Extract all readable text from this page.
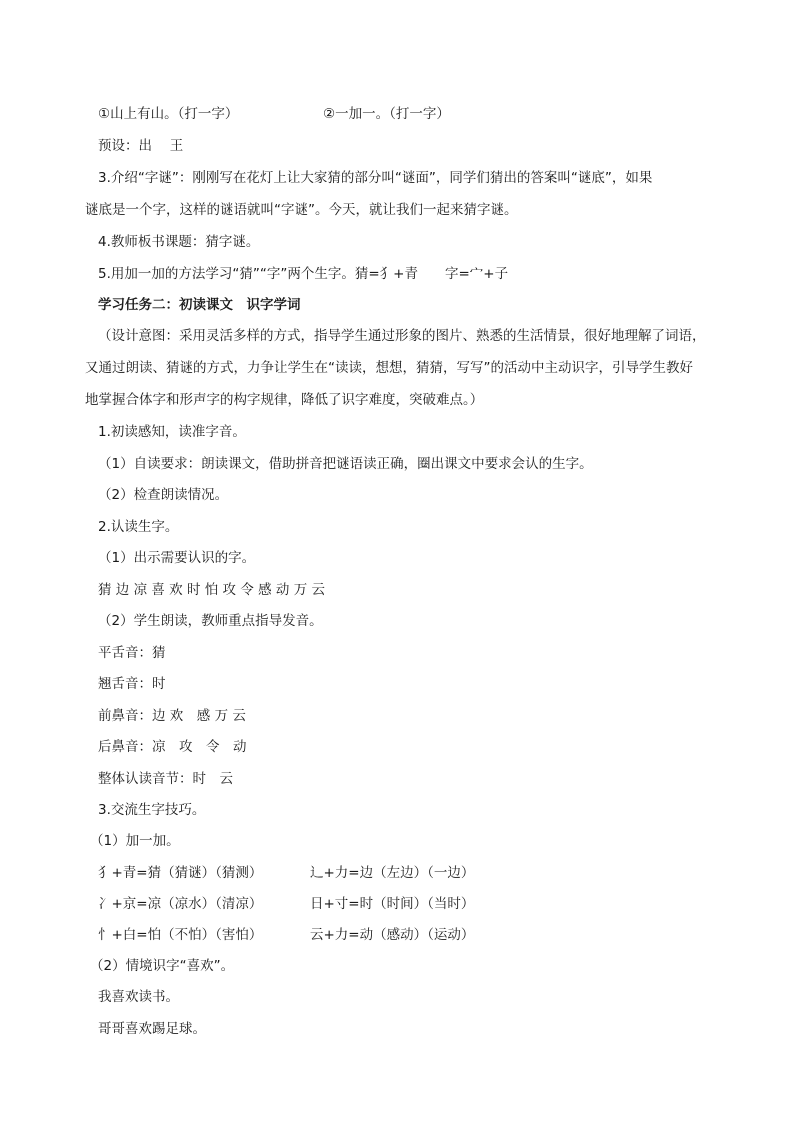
①山上有山。（打一字）	②一加一。（打一字）
预设：出　 王
3.介绍“字谜”：刚刚写在花灯上让大家猜的部分叫“谜面”，同学们猜出的答案叫“谜底”，如果
谜底是一个字，这样的谜语就叫“字谜”。今天，就让我们一起来猜字谜。
4.教师板书课题：猜字谜。
5.用加一加的方法学习“猜”“字”两个生字。猜=犭+青　　字=宀+子
学习任务二：初读课文　识字学词
（设计意图：采用灵活多样的方式，指导学生通过形象的图片、熟悉的生活情景，很好地理解了词语，
又通过朗读、猜谜的方式，力争让学生在“读读，想想，猜猜，写写”的活动中主动识字，引导学生教好
地掌握合体字和形声字的构字规律，降低了识字难度，突破难点。）
1.初读感知，读准字音。
（1）自读要求：朗读课文，借助拼音把谜语读正确，圈出课文中要求会认的生字。
（2）检查朗读情况。
2.认读生字。
（1）出示需要认识的字。
猜 边 凉 喜 欢 时 怕 攻 令 感 动 万 云
（2）学生朗读，教师重点指导发音。
平舌音：猜
翘舌音：时
前鼻音：边 欢　感 万 云
后鼻音：凉　攻　令　动
整体认读音节：时　云
3.交流生字技巧。
（1）加一加。
犭+青=猜（猜谜）（猜测）	辶+力=边（左边）（一边）
冫+京=凉（凉水）（清凉）	日+寸=时（时间）（当时）
忄+白=怕（不怕）（害怕）	云+力=动（感动）（运动）
（2）情境识字“喜欢”。
我喜欢读书。
哥哥喜欢踢足球。
